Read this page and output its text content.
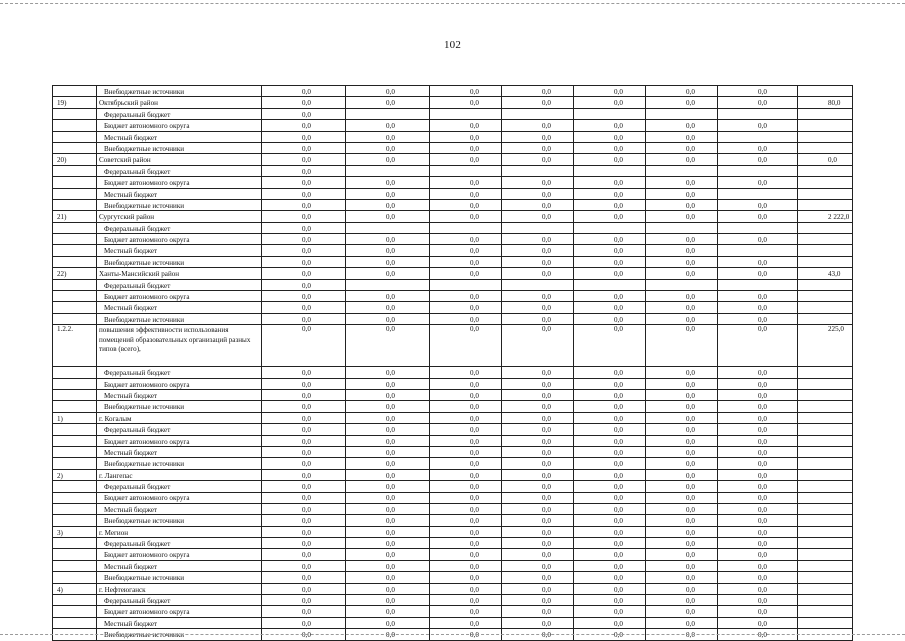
102
	Внебюджетные источники	0,0	0,0	0,0	0,0	0,0	0,0	0,0	
19)	Октябрьский район	0,0	0,0	0,0	0,0	0,0	0,0	0,0	80,0
	Федеральный бюджет	0,0							
	Бюджет автономного округа	0,0	0,0	0,0	0,0	0,0	0,0	0,0	
	Местный бюджет	0,0	0,0	0,0	0,0	0,0	0,0		
	Внебюджетные источники	0,0	0,0	0,0	0,0	0,0	0,0	0,0	
20)	Советский район	0,0	0,0	0,0	0,0	0,0	0,0	0,0	0,0
	Федеральный бюджет	0,0							
	Бюджет автономного округа	0,0	0,0	0,0	0,0	0,0	0,0	0,0	
	Местный бюджет	0,0	0,0	0,0	0,0	0,0	0,0		
	Внебюджетные источники	0,0	0,0	0,0	0,0	0,0	0,0	0,0	
21)	Сургутский район	0,0	0,0	0,0	0,0	0,0	0,0	0,0	2 222,0
	Федеральный бюджет	0,0							
	Бюджет автономного округа	0,0	0,0	0,0	0,0	0,0	0,0	0,0	
	Местный бюджет	0,0	0,0	0,0	0,0	0,0	0,0		
	Внебюджетные источники	0,0	0,0	0,0	0,0	0,0	0,0	0,0	
22)	Ханты-Мансийский район	0,0	0,0	0,0	0,0	0,0	0,0	0,0	43,0
	Федеральный бюджет	0,0							
	Бюджет автономного округа	0,0	0,0	0,0	0,0	0,0	0,0	0,0	
	Местный бюджет	0,0	0,0	0,0	0,0	0,0	0,0	0,0	
	Внебюджетные источники	0,0	0,0	0,0	0,0	0,0	0,0	0,0	
1.2.2.	повышения эффективности использования помещений образовательных организаций разных типов (всего),	0,0	0,0	0,0	0,0	0,0	0,0	0,0	225,0
	Федеральный бюджет	0,0	0,0	0,0	0,0	0,0	0,0	0,0	
	Бюджет автономного округа	0,0	0,0	0,0	0,0	0,0	0,0	0,0	
	Местный бюджет	0,0	0,0	0,0	0,0	0,0	0,0	0,0	
	Внебюджетные источники	0,0	0,0	0,0	0,0	0,0	0,0	0,0	
1)	г. Когалым	0,0	0,0	0,0	0,0	0,0	0,0	0,0	
	Федеральный бюджет	0,0	0,0	0,0	0,0	0,0	0,0	0,0	
	Бюджет автономного округа	0,0	0,0	0,0	0,0	0,0	0,0	0,0	
	Местный бюджет	0,0	0,0	0,0	0,0	0,0	0,0	0,0	
	Внебюджетные источники	0,0	0,0	0,0	0,0	0,0	0,0	0,0	
2)	г. Лангепас	0,0	0,0	0,0	0,0	0,0	0,0	0,0	
	Федеральный бюджет	0,0	0,0	0,0	0,0	0,0	0,0	0,0	
	Бюджет автономного округа	0,0	0,0	0,0	0,0	0,0	0,0	0,0	
	Местный бюджет	0,0	0,0	0,0	0,0	0,0	0,0	0,0	
	Внебюджетные источники	0,0	0,0	0,0	0,0	0,0	0,0	0,0	
3)	г. Мегион	0,0	0,0	0,0	0,0	0,0	0,0	0,0	
	Федеральный бюджет	0,0	0,0	0,0	0,0	0,0	0,0	0,0	
	Бюджет автономного округа	0,0	0,0	0,0	0,0	0,0	0,0	0,0	
	Местный бюджет	0,0	0,0	0,0	0,0	0,0	0,0	0,0	
	Внебюджетные источники	0,0	0,0	0,0	0,0	0,0	0,0	0,0	
4)	г. Нефтеюганск	0,0	0,0	0,0	0,0	0,0	0,0	0,0	
	Федеральный бюджет	0,0	0,0	0,0	0,0	0,0	0,0	0,0	
	Бюджет автономного округа	0,0	0,0	0,0	0,0	0,0	0,0	0,0	
	Местный бюджет	0,0	0,0	0,0	0,0	0,0	0,0	0,0	
	Внебюджетные источники	0,0	0,0	0,0	0,0	0,0	0,0	0,0	
